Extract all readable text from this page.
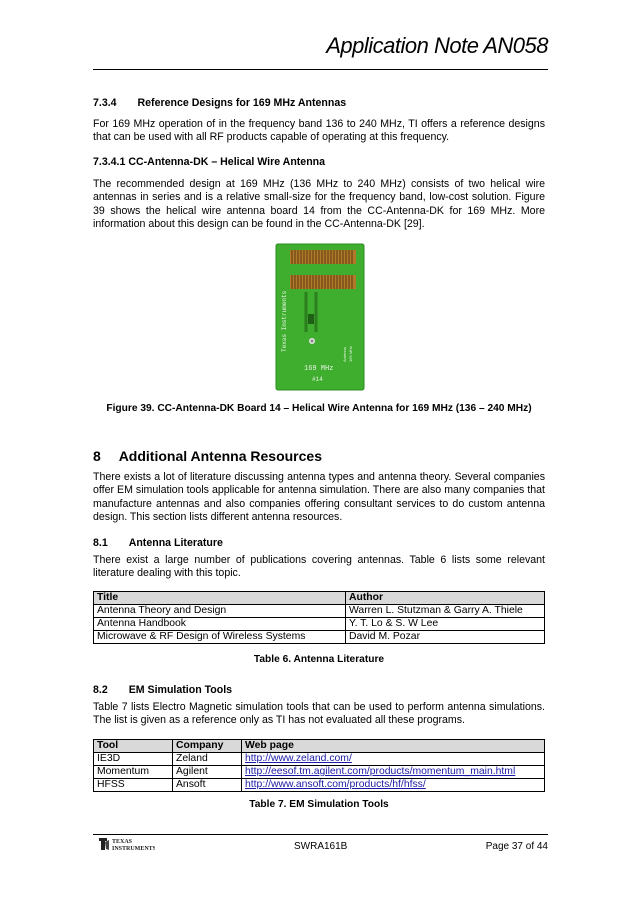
Application Note AN058
7.3.4 Reference Designs for 169 MHz Antennas
For 169 MHz operation of in the frequency band 136 to 240 MHz, TI offers a reference designs that can be used with all RF products capable of operating at this frequency.
7.3.4.1 CC-Antenna-DK – Helical Wire Antenna
The recommended design at 169 MHz (136 MHz to 240 MHz) consists of two helical wire antennas in series and is a relative small-size for the frequency band, low-cost solution. Figure 39 shows the helical wire antenna board 14 from the CC-Antenna-DK for 169 MHz. More information about this design can be found in the CC-Antenna-DK [29].
Texas Instruments
Antenna 169 MHz
169 MHz
#14
Figure 39. CC-Antenna-DK Board 14 – Helical Wire Antenna for 169 MHz (136 – 240 MHz)
8 Additional Antenna Resources
There exists a lot of literature discussing antenna types and antenna theory. Several companies offer EM simulation tools applicable for antenna simulation. There are also many companies that manufacture antennas and also companies offering consultant services to do custom antenna design. This section lists different antenna resources.
8.1 Antenna Literature
There exist a large number of publications covering antennas. Table 6 lists some relevant literature dealing with this topic.
Title	Author
Antenna Theory and Design	Warren L. Stutzman & Garry A. Thiele
Antenna Handbook	Y. T. Lo & S. W Lee
Microwave & RF Design of Wireless Systems	David M. Pozar
Table 6. Antenna Literature
8.2 EM Simulation Tools
Table 7 lists Electro Magnetic simulation tools that can be used to perform antenna simulations. The list is given as a reference only as TI has not evaluated all these programs.
Tool	Company	Web page
IE3D	Zeland	http://www.zeland.com/
Momentum	Agilent	http://eesof.tm.agilent.com/products/momentum_main.html
HFSS	Ansoft	http://www.ansoft.com/products/hf/hfss/
Table 7. EM Simulation Tools
TEXAS
INSTRUMENTS	SWRA161B	Page 37 of 44
